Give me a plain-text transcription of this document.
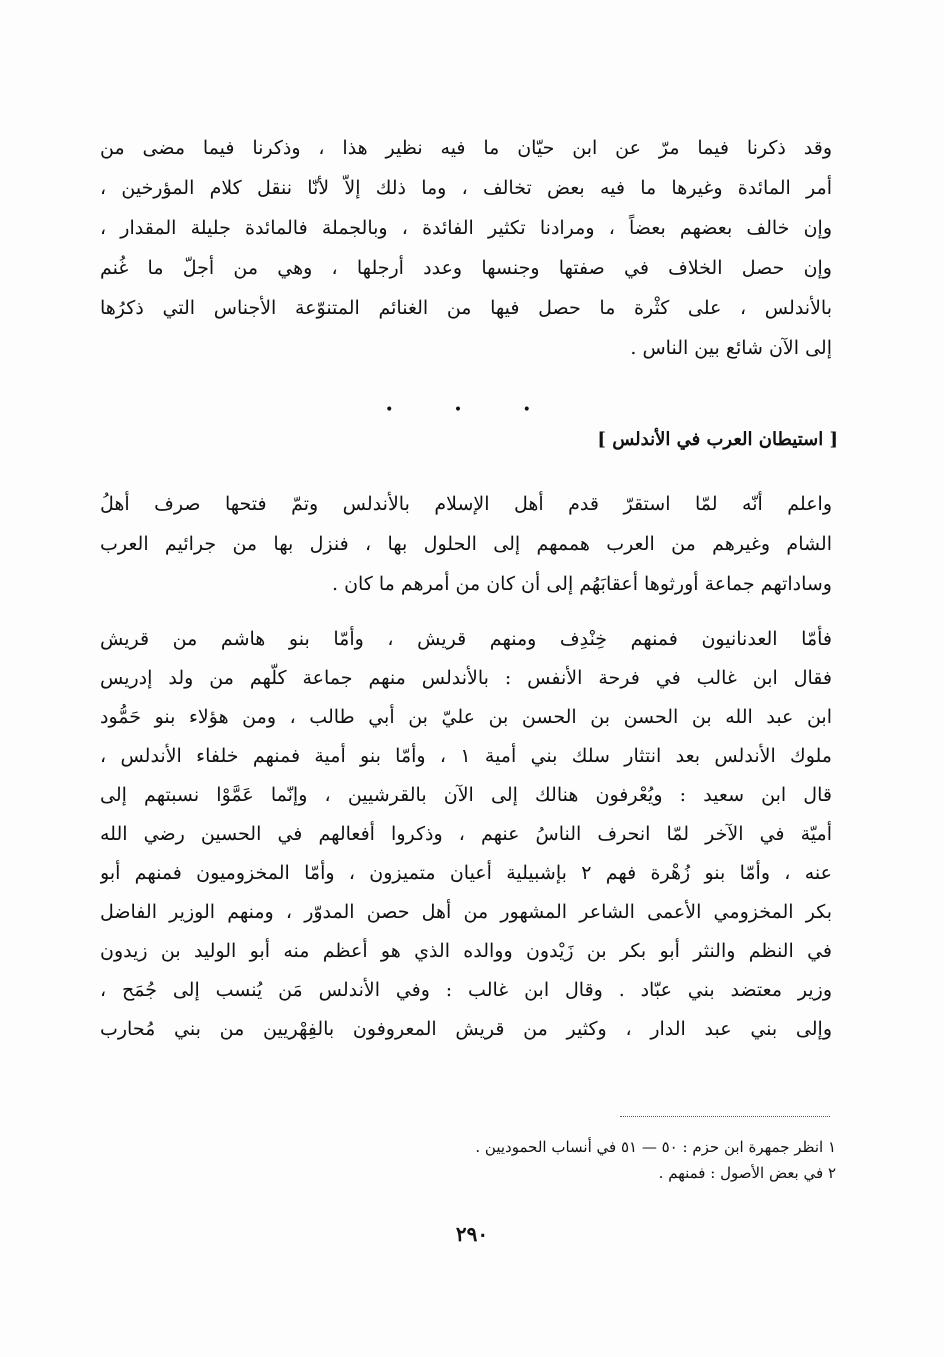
وقد ذكرنا فيما مرّ عن ابن حيّان ما فيه نظير هذا ، وذكرنا فيما مضى من
أمر المائدة وغيرها ما فيه بعض تخالف ، وما ذلك إلاّ لأنّا ننقل كلام المؤرخين ،
وإن خالف بعضهم بعضاً ، ومرادنا تكثير الفائدة ، وبالجملة فالمائدة جليلة المقدار ،
وإن حصل الخلاف في صفتها وجنسها وعدد أرجلها ، وهي من أجلّ ما غُنم
بالأندلس ، على كثْرة ما حصل فيها من الغنائم المتنوّعة الأجناس التي ذكرُها
إلى الآن شائع بين الناس .
• • •
[ استيطان العرب في الأندلس ]
واعلم أنّه لمّا استقرّ قدم أهل الإسلام بالأندلس وتمّ فتحها صرف أهلُ
الشام وغيرهم من العرب هممهم إلى الحلول بها ، فنزل بها من جرائيم العرب
وساداتهم جماعة أورثوها أعقابَهُم إلى أن كان من أمرهم ما كان .
فأمّا العدنانيون فمنهم خِنْدِف ومنهم قريش ، وأمّا بنو هاشم من قريش
فقال ابن غالب في فرحة الأنفس : بالأندلس منهم جماعة كلّهم من ولد إدريس
ابن عبد الله بن الحسن بن الحسن بن عليّ بن أبي طالب ، ومن هؤلاء بنو حَمُّود
ملوك الأندلس بعد انتثار سلك بني أمية ١ ، وأمّا بنو أمية فمنهم خلفاء الأندلس ،
قال ابن سعيد : ويُعْرفون هنالك إلى الآن بالقرشيين ، وإنّما عَمَّوْا نسبتهم إلى
أميّة في الآخر لمّا انحرف الناسُ عنهم ، وذكروا أفعالهم في الحسين رضي الله
عنه ، وأمّا بنو زُهْرة فهم ٢ بإشبيلية أعيان متميزون ، وأمّا المخزوميون فمنهم أبو
بكر المخزومي الأعمى الشاعر المشهور من أهل حصن المدوّر ، ومنهم الوزير الفاضل
في النظم والنثر أبو بكر بن زَيْدون ووالده الذي هو أعظم منه أبو الوليد بن زيدون
وزير معتضد بني عبّاد . وقال ابن غالب : وفي الأندلس مَن يُنسب إلى جُمَح ،
وإلى بني عبد الدار ، وكثير من قريش المعروفون بالفِهْريين من بني مُحارب
١ انظر جمهرة ابن حزم : ٥٠ — ٥١ في أنساب الحموديين .
٢ في بعض الأصول : فمنهم .
٢٩٠
